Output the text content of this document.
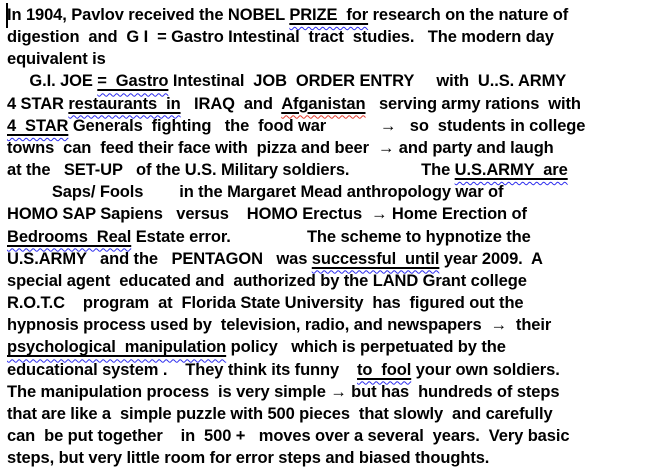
In 1904, Pavlov received the NOBEL PRIZE  for research on the nature of
digestion  and  G I  = Gastro Intestinal  tract  studies.   The modern day
equivalent is
G.I. JOE =  Gastro Intestinal  JOB  ORDER ENTRY     with  U..S. ARMY
4 STAR restaurants  in   IRAQ  and  Afganistan   serving army rations  with
4  STAR Generals  fighting   the  food war            →   so  students in college
towns  can  feed their face with  pizza and beer  → and party and laugh
at the   SET-UP   of the U.S. Military soldiers.                The U.S.ARMY  are
Saps/ Fools        in the Margaret Mead anthropology war of
HOMO SAP Sapiens   versus    HOMO Erectus  → Home Erection of
Bedrooms  Real Estate error.                 The scheme to hypnotize the
U.S.ARMY   and the   PENTAGON   was successful  until year 2009.  A
special agent  educated and  authorized by the LAND Grant college
R.O.T.C    program  at  Florida State University  has  figured out the
hypnosis process used by  television, radio, and newspapers  →  their
psychological  manipulation policy   which is perpetuated by the
educational system .    They think its funny    to  fool your own soldiers.
The manipulation process  is very simple → but has  hundreds of steps
that are like a  simple puzzle with 500 pieces  that slowly  and carefully
can  be put together    in  500 +   moves over a several  years.  Very basic
steps, but very little room for error steps and biased thoughts.
